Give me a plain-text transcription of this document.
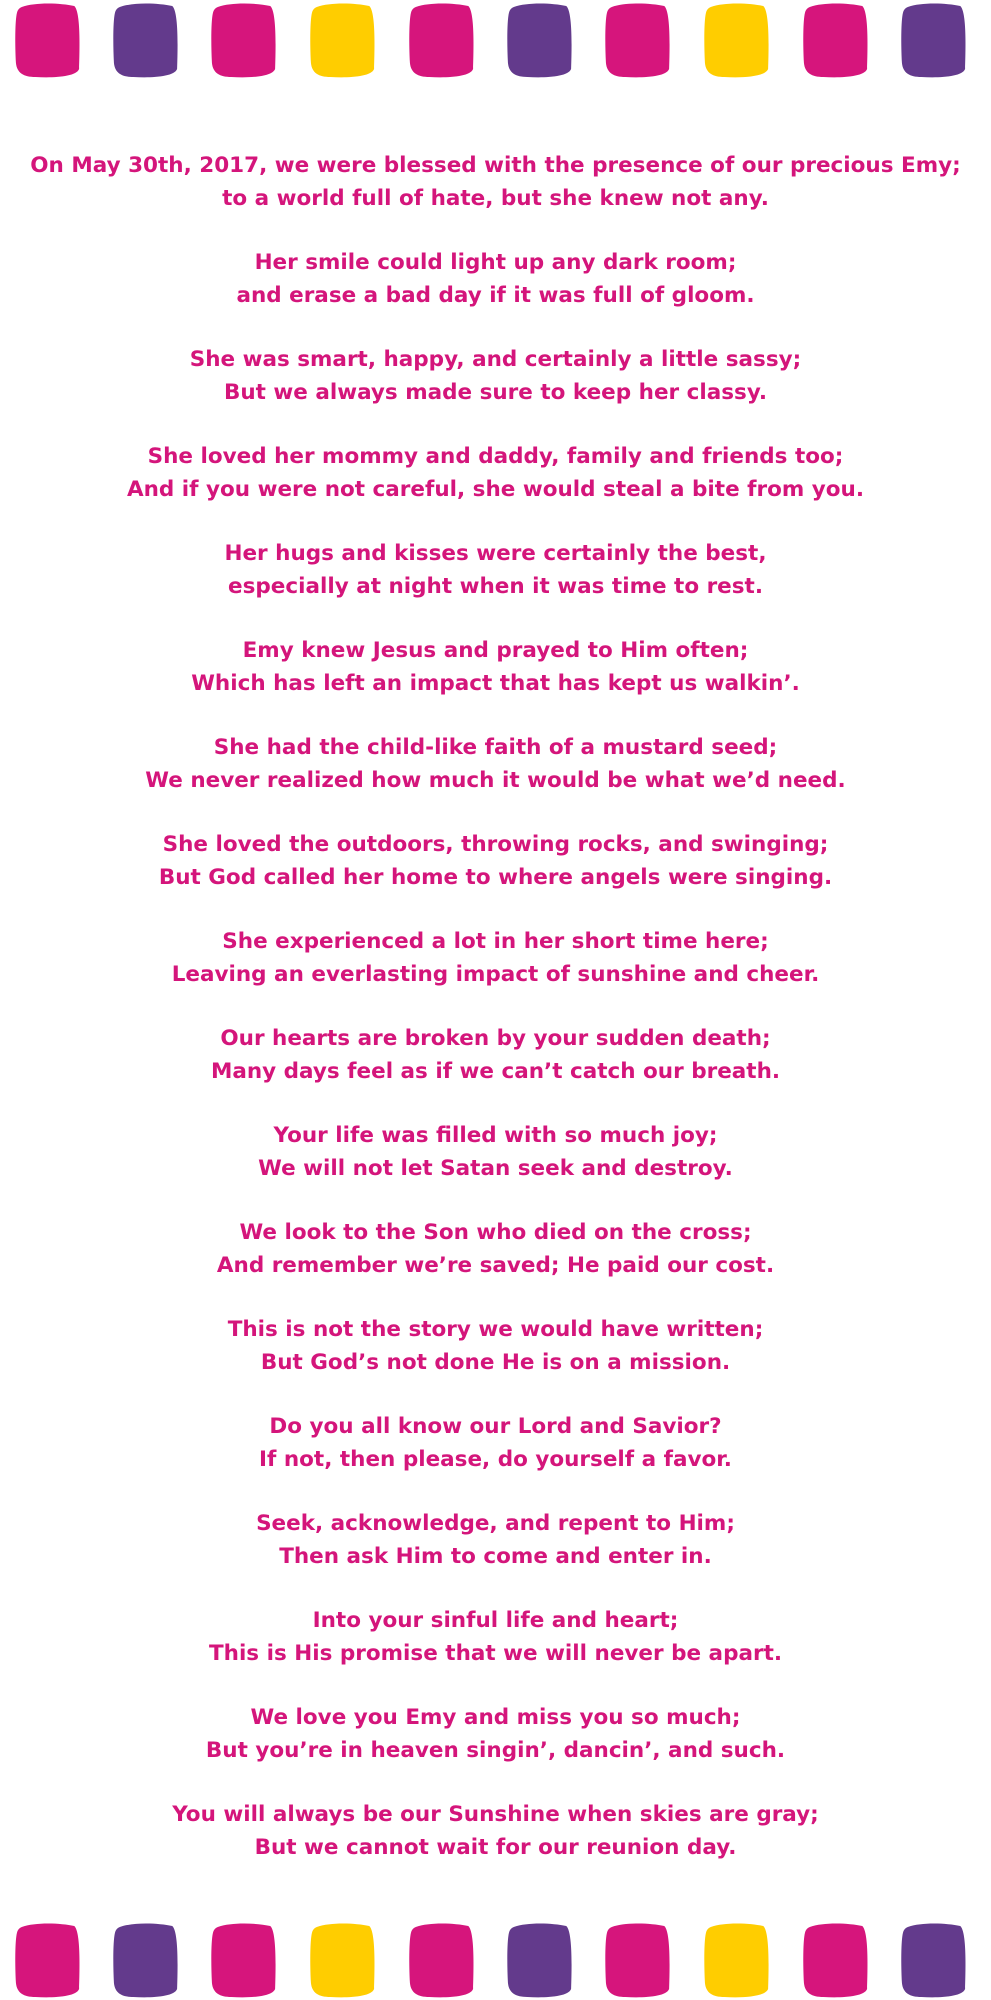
On May 30th, 2017, we were blessed with the presence of our precious Emy;
to a world full of hate, but she knew not any.
Her smile could light up any dark room;
and erase a bad day if it was full of gloom.
She was smart, happy, and certainly a little sassy;
But we always made sure to keep her classy.
She loved her mommy and daddy, family and friends too;
And if you were not careful, she would steal a bite from you.
Her hugs and kisses were certainly the best,
especially at night when it was time to rest.
Emy knew Jesus and prayed to Him often;
Which has left an impact that has kept us walkin’.
She had the child-like faith of a mustard seed;
We never realized how much it would be what we’d need.
She loved the outdoors, throwing rocks, and swinging;
But God called her home to where angels were singing.
She experienced a lot in her short time here;
Leaving an everlasting impact of sunshine and cheer.
Our hearts are broken by your sudden death;
Many days feel as if we can’t catch our breath.
Your life was filled with so much joy;
We will not let Satan seek and destroy.
We look to the Son who died on the cross;
And remember we’re saved; He paid our cost.
This is not the story we would have written;
But God’s not done He is on a mission.
Do you all know our Lord and Savior?
If not, then please, do yourself a favor.
Seek, acknowledge, and repent to Him;
Then ask Him to come and enter in.
Into your sinful life and heart;
This is His promise that we will never be apart.
We love you Emy and miss you so much;
But you’re in heaven singin’, dancin’, and such.
You will always be our Sunshine when skies are gray;
But we cannot wait for our reunion day.
